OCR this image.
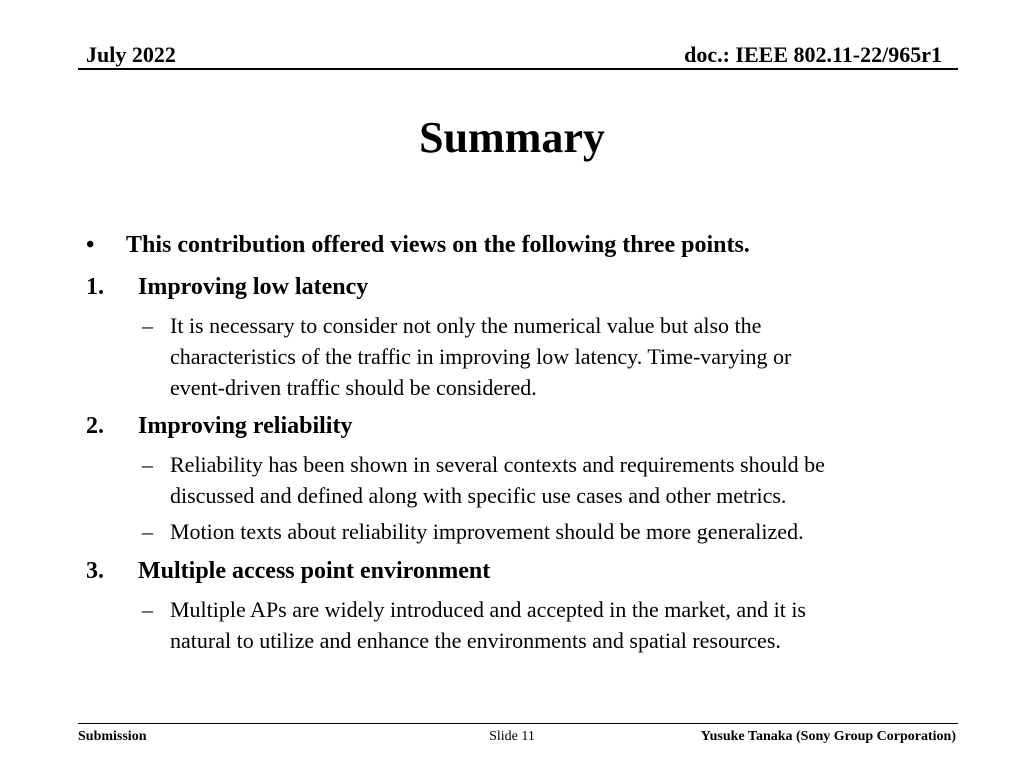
July 2022	doc.: IEEE 802.11-22/965r1
Summary
• This contribution offered views on the following three points.
1. Improving low latency
– It is necessary to consider not only the numerical value but also the
characteristics of the traffic in improving low latency. Time-varying or
event-driven traffic should be considered.
2. Improving reliability
– Reliability has been shown in several contexts and requirements should be
discussed and defined along with specific use cases and other metrics.
– Motion texts about reliability improvement should be more generalized.
3. Multiple access point environment
– Multiple APs are widely introduced and accepted in the market, and it is
natural to utilize and enhance the environments and spatial resources.
Submission	Slide 11	Yusuke Tanaka (Sony Group Corporation)
